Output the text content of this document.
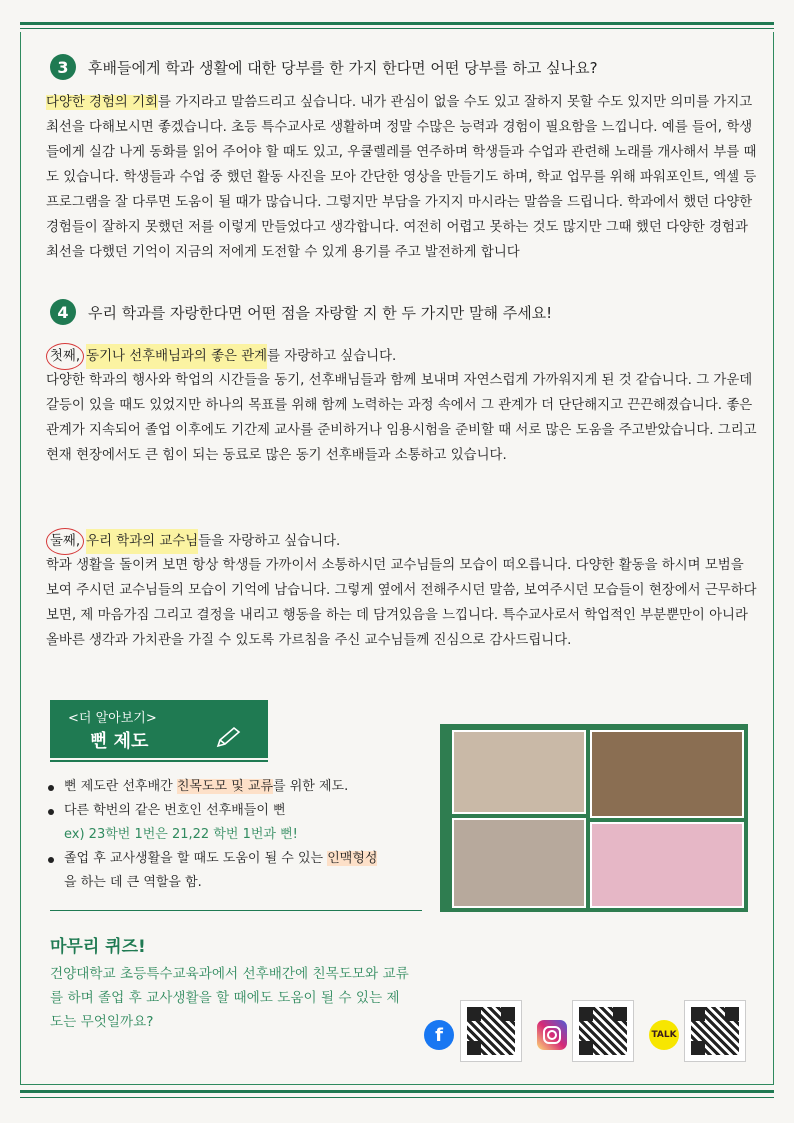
3	후배들에게 학과 생활에 대한 당부를 한 가지 한다면 어떤 당부를 하고 싶나요?

다양한 경험의 기회를 가지라고 말씀드리고 싶습니다. 내가 관심이 없을 수도 있고 잘하지 못할 수도 있지만 의미를 가지고 최선을 다해보시면 좋겠습니다. 초등 특수교사로 생활하며 정말 수많은 능력과 경험이 필요함을 느낍니다. 예를 들어, 학생들에게 실감 나게 동화를 읽어 주어야 할 때도 있고, 우쿨렐레를 연주하며 학생들과 수업과 관련해 노래를 개사해서 부를 때도 있습니다. 학생들과 수업 중 했던 활동 사진을 모아 간단한 영상을 만들기도 하며, 학교 업무를 위해 파워포인트, 엑셀 등 프로그램을 잘 다루면 도움이 될 때가 많습니다. 그렇지만 부담을 가지지 마시라는 말씀을 드립니다. 학과에서 했던 다양한 경험들이 잘하지 못했던 저를 이렇게 만들었다고 생각합니다. 여전히 어렵고 못하는 것도 많지만 그때 했던 다양한 경험과 최선을 다했던 기억이 지금의 저에게 도전할 수 있게 용기를 주고 발전하게 합니다

4	우리 학과를 자랑한다면 어떤 점을 자랑할 지 한 두 가지만 말해 주세요!
첫째, 동기나 선후배님과의 좋은 관계 를 자랑하고 싶습니다.

다양한 학과의 행사와 학업의 시간들을 동기, 선후배님들과 함께 보내며 자연스럽게 가까워지게 된 것 같습니다. 그 가운데 갈등이 있을 때도 있었지만 하나의 목표를 위해 함께 노력하는 과정 속에서 그 관계가 더 단단해지고 끈끈해졌습니다. 좋은 관계가 지속되어 졸업 이후에도 기간제 교사를 준비하거나 임용시험을 준비할 때 서로 많은 도움을 주고받았습니다. 그리고 현재 현장에서도 큰 힘이 되는 동료로 많은 동기 선후배들과 소통하고 있습니다.

둘째, 우리 학과의 교수님 들을 자랑하고 싶습니다.

학과 생활을 돌이켜 보면 항상 학생들 가까이서 소통하시던 교수님들의 모습이 떠오릅니다. 다양한 활동을 하시며 모범을 보여 주시던 교수님들의 모습이 기억에 남습니다. 그렇게 옆에서 전해주시던 말씀, 보여주시던 모습들이 현장에서 근무하다 보면, 제 마음가짐 그리고 결정을 내리고 행동을 하는 데 담겨있음을 느낍니다. 특수교사로서 학업적인 부분뿐만이 아니라 올바른 생각과 가치관을 가질 수 있도록 가르침을 주신 교수님들께 진심으로 감사드립니다.

<더 알아보기>
뻔 제도
뻔 제도란 선후배간 친목도모 및 교류를 위한 제도.
다른 학번의 같은 번호인 선후배들이 뻔
ex) 23학번 1번은 21,22 학번 1번과 뻔!
졸업 후 교사생활을 할 때도 도움이 될 수 있는 인맥형성
을 하는 데 큰 역할을 함.
마무리 퀴즈!

건양대학교 초등특수교육과에서 선후배간에 친목도모와 교류를 하며 졸업 후 교사생활을 할 때에도 도움이 될 수 있는 제도는 무엇일까요?

f	TALK
